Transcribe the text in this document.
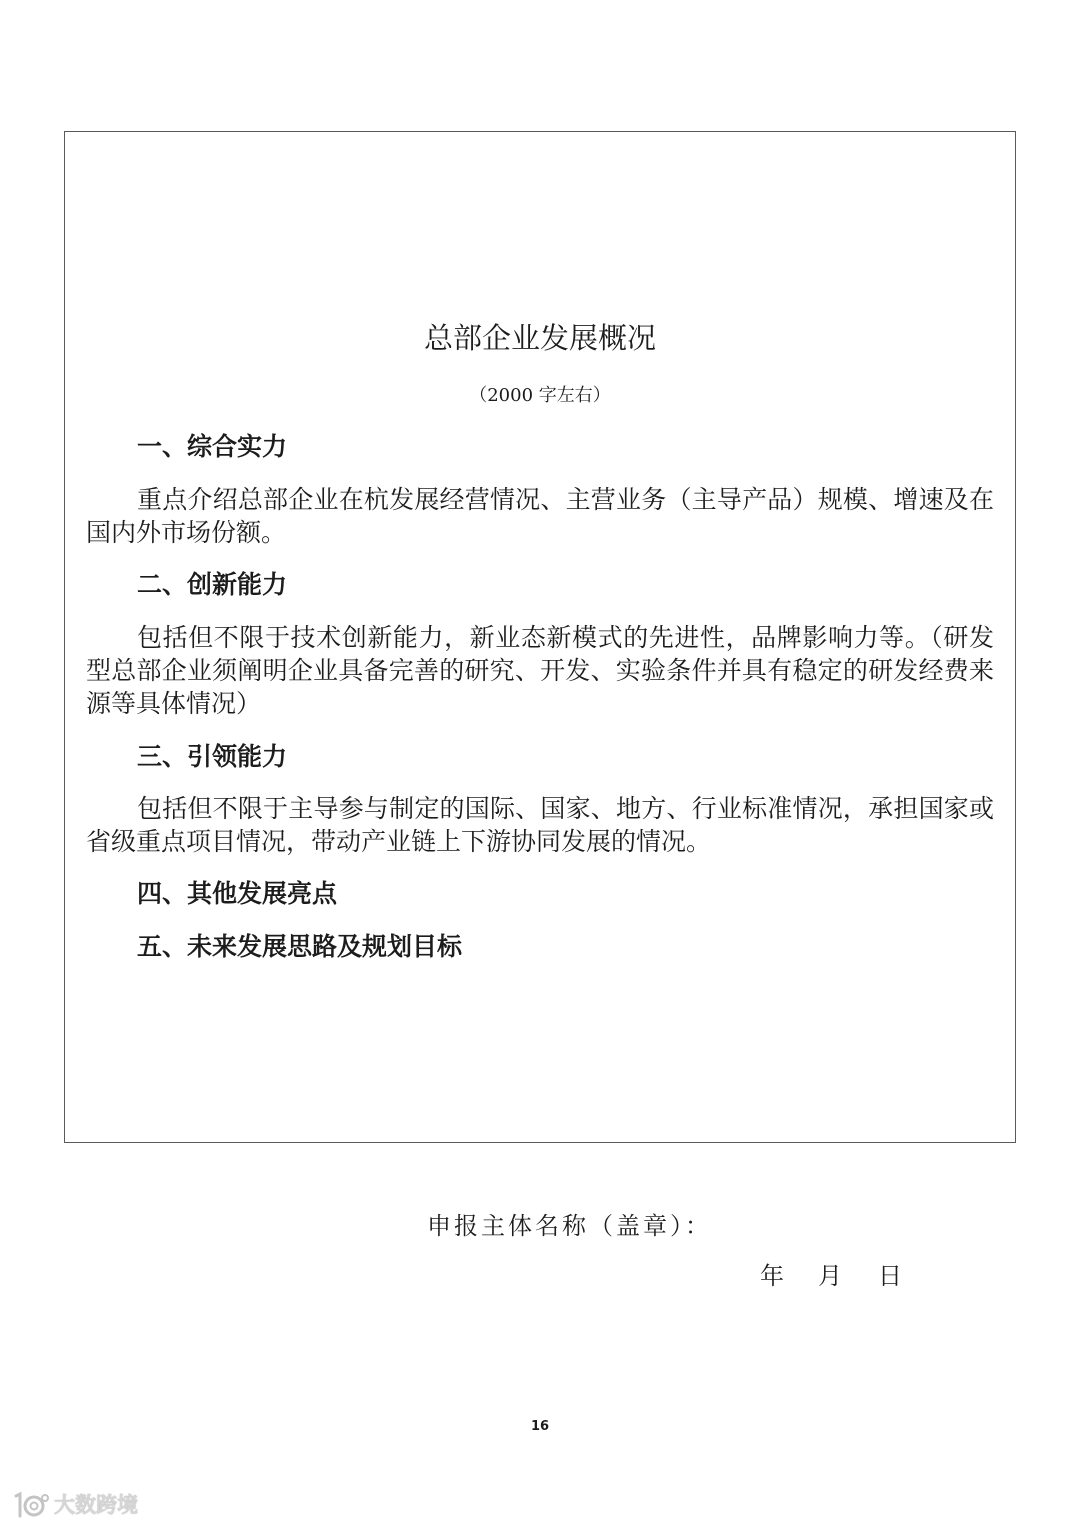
总部企业发展概况
（2000 字左右）
一、综合实力
重点介绍总部企业在杭发展经营情况、主营业务（主导产品）规模、增速及在
国内外市场份额。
二、创新能力
包括但不限于技术创新能力，新业态新模式的先进性，品牌影响力等。（研发
型总部企业须阐明企业具备完善的研究、开发、实验条件并具有稳定的研发经费来
源等具体情况）
三、引领能力
包括但不限于主导参与制定的国际、国家、地方、行业标准情况，承担国家或
省级重点项目情况，带动产业链上下游协同发展的情况。
四、其他发展亮点
五、未来发展思路及规划目标
申报主体名称（盖章）：
年 月 日
16
大数跨境
